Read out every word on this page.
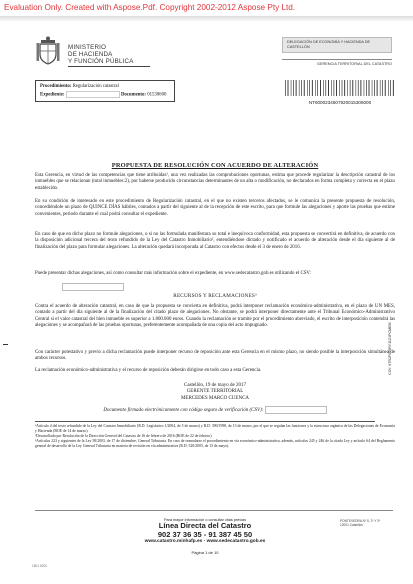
Evaluation Only. Created with Aspose.Pdf. Copyright 2002-2012 Aspose Pty Ltd.
MINISTERIO
DE HACIENDA
Y FUNCIÓN PÚBLICA
DELEGACIÓN DE ECONOMÍA Y HACIENDA DE CASTELLÓN
GERENCIA TERRITORIAL DEL CATASTRO
Procedimiento: Regularización catastral
Expediente:	Documento: 01530600
NT6000234607920015306000
PROPUESTA DE RESOLUCIÓN CON ACUERDO DE ALTERACIÓN
Esta Gerencia, en virtud de las competencias que tiene atribuidas¹, una vez realizadas las comprobaciones oportunas, estima que procede regularizar la descripción catastral de los inmuebles que se relacionan (total inmuebles:2), por haberse producido circunstancias determinantes de un alta o modificación, no declarados en forma completa y correcta en el plazo establecido.
En su condición de interesado en este procedimiento de Regularización catastral, en el que no existen terceros afectados, se le comunica la presente propuesta de resolución, concediéndole un plazo de QUINCE DÍAS hábiles, contados a partir del siguiente al de la recepción de este escrito, para que formule las alegaciones y aporte las pruebas que estime convenientes, periodo durante el cual podrá consultar el expediente.
En caso de que en dicho plazo no formule alegaciones, o si no las formulada manifestara su total e inequívoca conformidad, esta propuesta se convertirá en definitiva, de acuerdo con la disposición adicional tercera del texto refundido de la Ley del Catastro Inmobiliario², entendiéndose dictado y notificado el acuerdo de alteración desde el día siguiente al de finalización del plazo para formular alegaciones. La alteración quedará incorporada al Catastro con efectos desde el 3 de enero de 2016.
Puede presentar dichas alegaciones, así como consultar más información sobre el expediente, en www.sedecatastro.gob.es utilizando el CSV:
RECURSOS Y RECLAMACIONES³
Contra el acuerdo de alteración catastral, en caso de que la propuesta se convierta en definitiva, podrá interponer reclamación económico-administrativa, en el plazo de UN MES, contado a partir del día siguiente al de la finalización del citado plazo de alegaciones. No obstante, se podrá interponer directamente ante el Tribunal Económico-Administrativo Central si el valor catastral del bien inmueble es superior a 1.800.000 euros. Cuando la reclamación se tramite por el procedimiento abreviado, el escrito de interposición contendrá las alegaciones y se acompañará de las pruebas oportunas, preferentemente acompañada de una copia del acto impugnado.
Con carácter potestativo y previo a dicha reclamación puede interponer recurso de reposición ante esta Gerencia en el mismo plazo, no siendo posible la interposición simultánea de ambos recursos.
La reclamación económico-administrativa y el recurso de reposición deberán dirigirse en todo caso a esta Gerencia.
Castellón, 19 de mayo de 2017
GERENTE TERRITORIAL
MERCEDES MARCO CUENCA
Documento firmado electrónicamente con código seguro de verificación (CSV):
¹Artículo 4 del texto refundido de la Ley del Catastro Inmobiliario (R.D. Legislativo 1/2004, de 5 de marzo) y R.D. 390/1998, de 13 de marzo, por el que se regulan las funciones y la estructura orgánica de las Delegaciones de Economía y Hacienda (BOE de 14 de marzo).
²Desarrollada por Resolución de la Dirección General del Catastro de 16 de febrero de 2016 (BOE de 22 de febrero).
³Artículos 223 y siguientes de la Ley 58/2003, de 17 de diciembre, General Tributaria. En caso de reanudarse el procedimiento en vía económico-administrativa, además, artículos 245 y 246 de la citada Ley y artículo 64 del Reglamento general de desarrollo de la Ley General Tributaria en materia de revisión en vía administrativa (R.D. 520/2005, de 13 de mayo).
CSV: 6TR2F000RY11Z4PCMEM
Para mayor información o consultar citas previas
Línea Directa del Catastro
902 37 36 35 - 91 387 45 50
www.catastro.minhafp.es - www.sedecatastro.gob.es
Página 1 de 10
PONTEVEDRA Nº 5, 2º Y 3º
12001 Castellón
1801 8200
